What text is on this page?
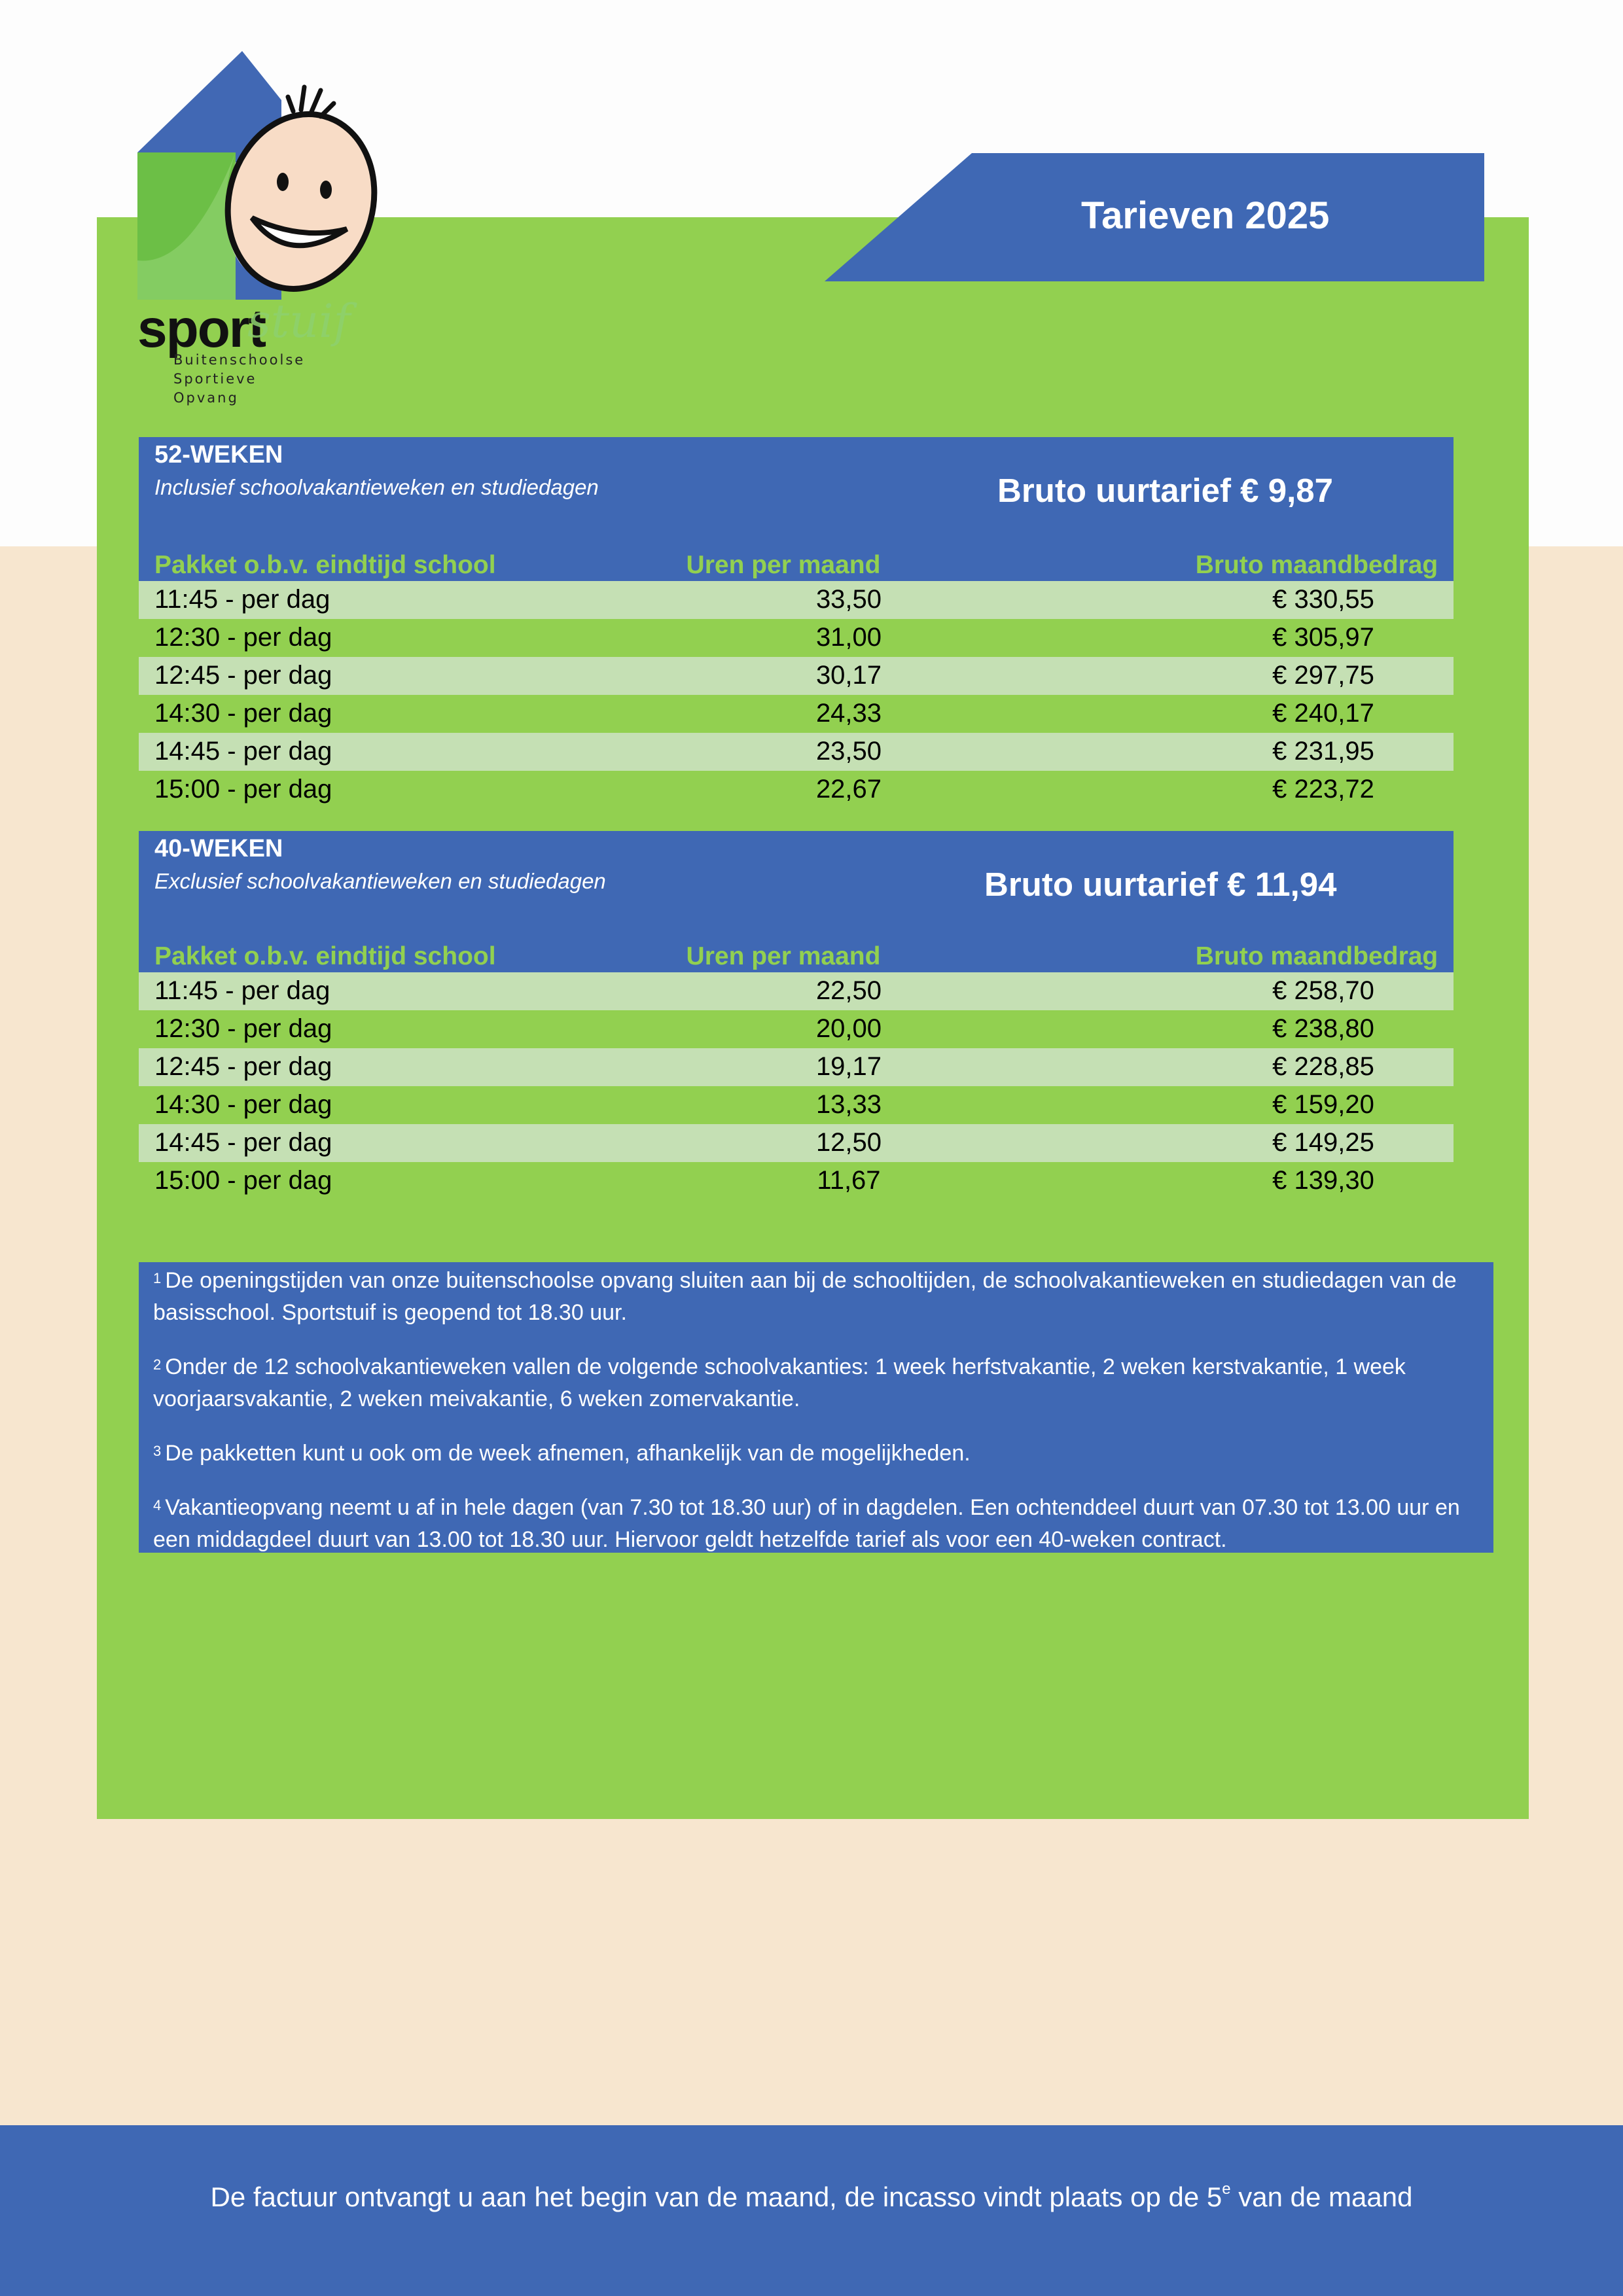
sport
stuif
Buitenschoolse
Sportieve
Opvang
Tarieven 2025
52-WEKEN
Inclusief schoolvakantieweken en studiedagen	Bruto uurtarief € 9,87
Pakket o.b.v. eindtijd school	Uren per maand	Bruto maandbedrag
11:45 - per dag	33,50	€ 330,55
12:30 - per dag	31,00	€ 305,97
12:45 - per dag	30,17	€ 297,75
14:30 - per dag	24,33	€ 240,17
14:45 - per dag	23,50	€ 231,95
15:00 - per dag	22,67	€ 223,72
40-WEKEN
Exclusief schoolvakantieweken en studiedagen	Bruto uurtarief € 11,94
Pakket o.b.v. eindtijd school	Uren per maand	Bruto maandbedrag
11:45 - per dag	22,50	€ 258,70
12:30 - per dag	20,00	€ 238,80
12:45 - per dag	19,17	€ 228,85
14:30 - per dag	13,33	€ 159,20
14:45 - per dag	12,50	€ 149,25
15:00 - per dag	11,67	€ 139,30

$^1$ De openingstijden van onze buitenschoolse opvang sluiten aan bij de schooltijden, de schoolvakantieweken en studiedagen van de basisschool. Sportstuif is geopend tot 18.30 uur.

$^2$ Onder de 12 schoolvakantieweken vallen de volgende schoolvakanties: 1 week herfstvakantie, 2 weken kerstvakantie, 1 week voorjaarsvakantie, 2 weken meivakantie, 6 weken zomervakantie.

$^3$ De pakketten kunt u ook om de week afnemen, afhankelijk van de mogelijkheden.

$^4$ Vakantieopvang neemt u af in hele dagen (van 7.30 tot 18.30 uur) of in dagdelen. Een ochtenddeel duurt van 07.30 tot 13.00 uur en een middagdeel duurt van 13.00 tot 18.30 uur. Hiervoor geldt hetzelfde tarief als voor een 40-weken contract.

De factuur ontvangt u aan het begin van de maand, de incasso vindt plaats op de 5e van de maand
